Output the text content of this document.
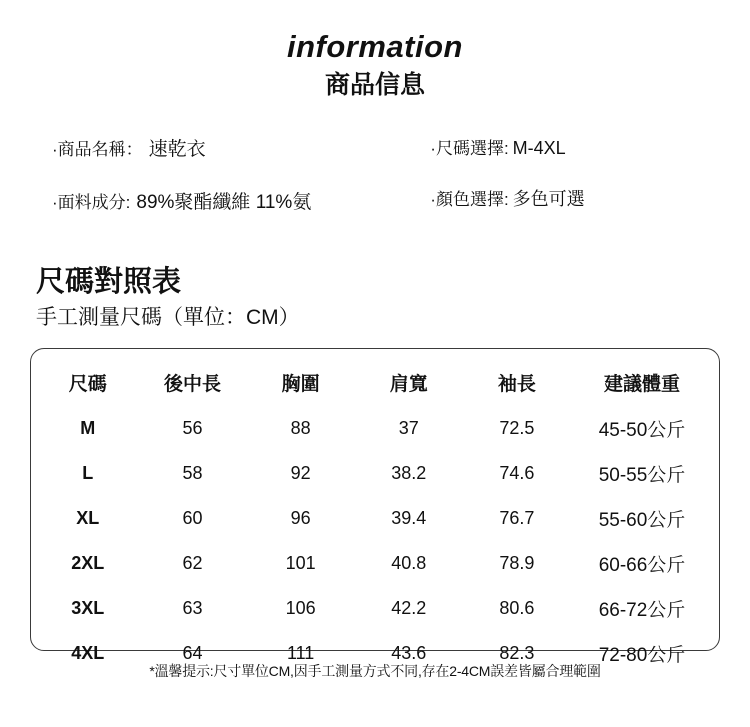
information
商品信息
·商品名稱： 速乾衣
·面料成分: 89%聚酯纖維 11%氨
·尺碼選擇: M-4XL
·顏色選擇: 多色可選
尺碼對照表
手工測量尺碼（單位：CM）
尺碼	後中長	胸圍	肩寬	袖長	建議體重
M	56	88	37	72.5	45-50公斤
L	58	92	38.2	74.6	50-55公斤
XL	60	96	39.4	76.7	55-60公斤
2XL	62	101	40.8	78.9	60-66公斤
3XL	63	106	42.2	80.6	66-72公斤
4XL	64	111	43.6	82.3	72-80公斤
*溫馨提示:尺寸單位CM,因手工測量方式不同,存在2-4CM誤差皆屬合理範圍
